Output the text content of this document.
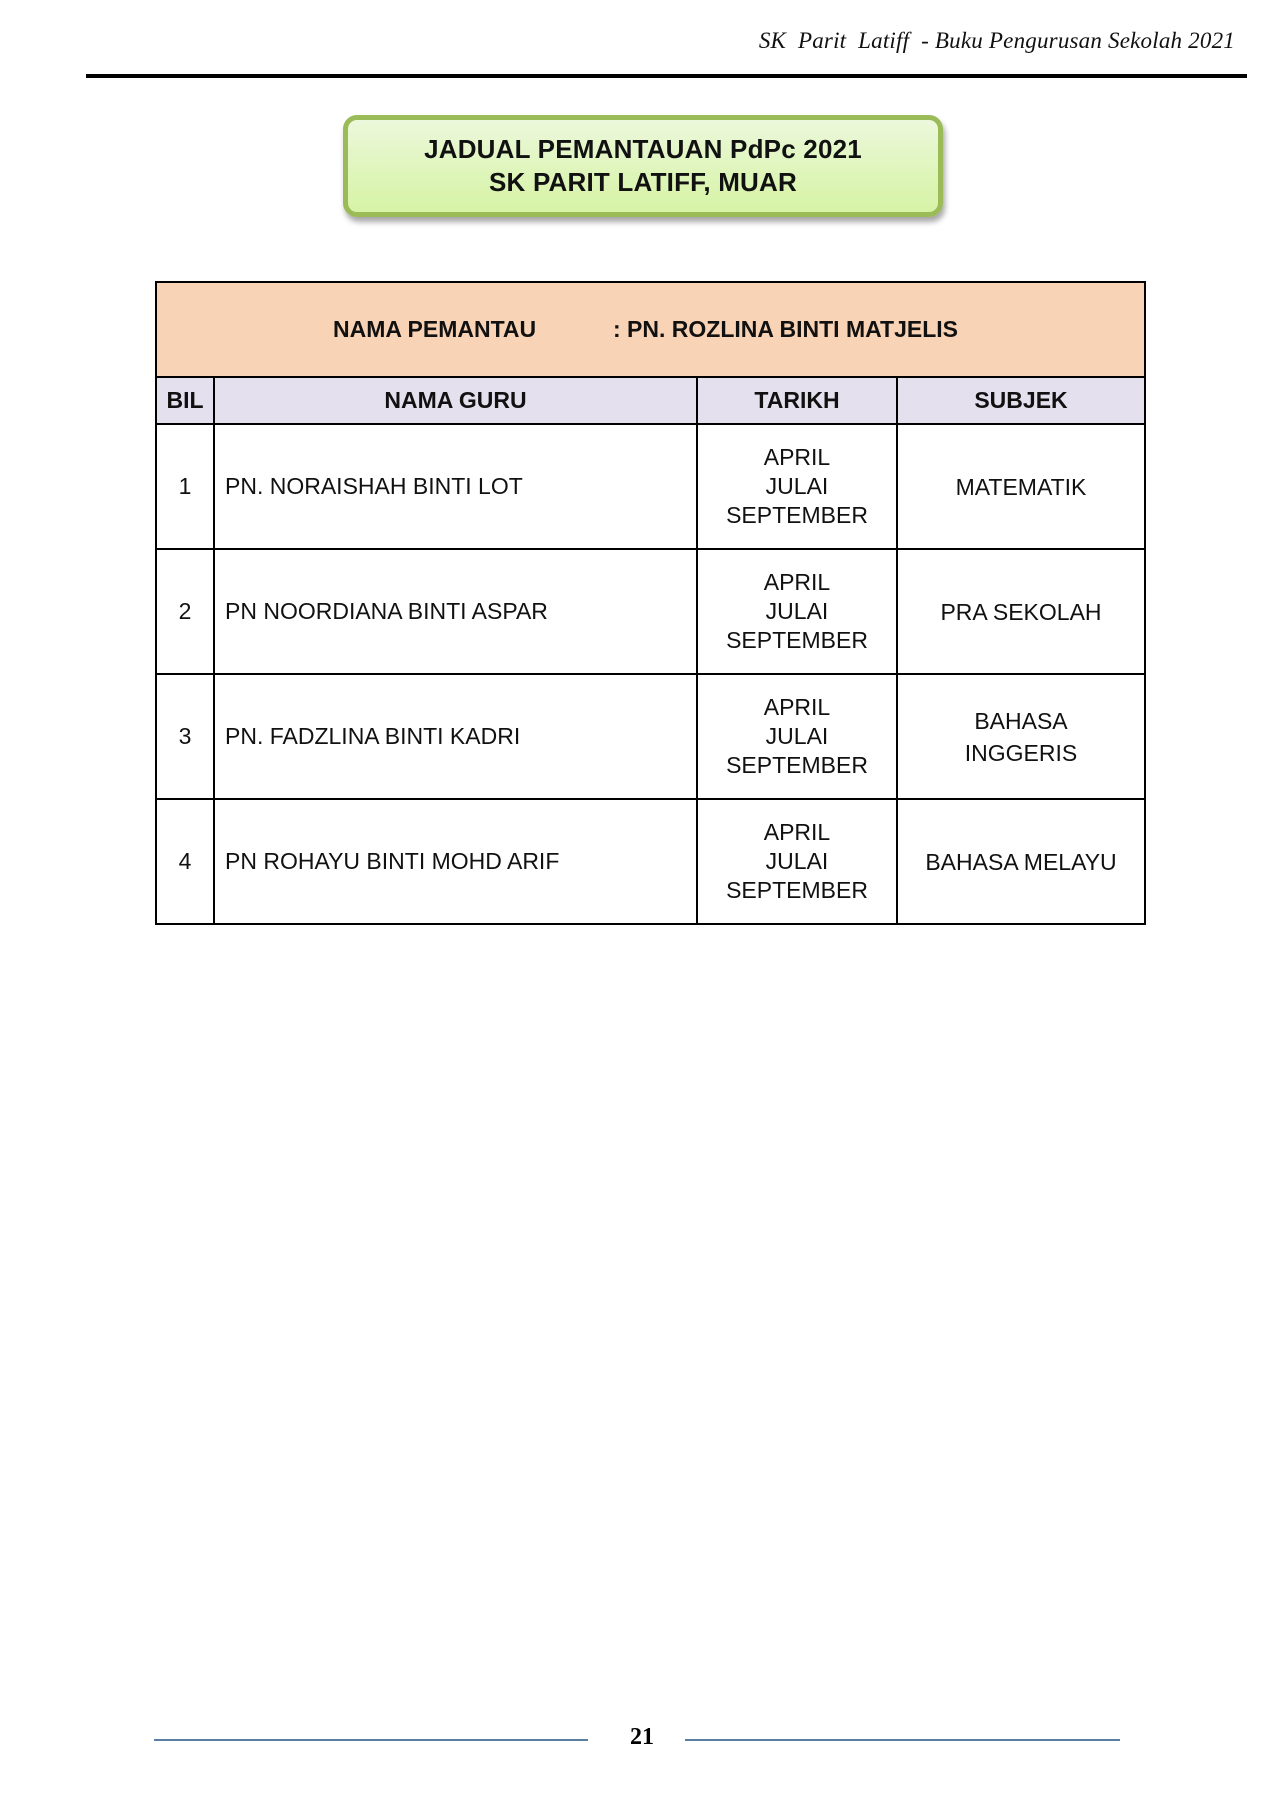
SK  Parit  Latiff  - Buku Pengurusan Sekolah 2021
JADUAL PEMANTAUAN PdPc 2021
SK PARIT LATIFF, MUAR
NAMA PEMANTAU : PN. ROZLINA BINTI MATJELIS			

BIL	NAMA GURU	TARIKH	SUBJEK
1	PN. NORAISHAH BINTI LOT	APRIL
JULAI
SEPTEMBER	MATEMATIK

2	PN NOORDIANA BINTI ASPAR	APRIL
JULAI
SEPTEMBER	PRA SEKOLAH

3	PN. FADZLINA BINTI KADRI	APRIL
JULAI
SEPTEMBER	BAHASA
INGGERIS

4	PN ROHAYU BINTI MOHD ARIF	APRIL
JULAI
SEPTEMBER	BAHASA MELAYU
21
